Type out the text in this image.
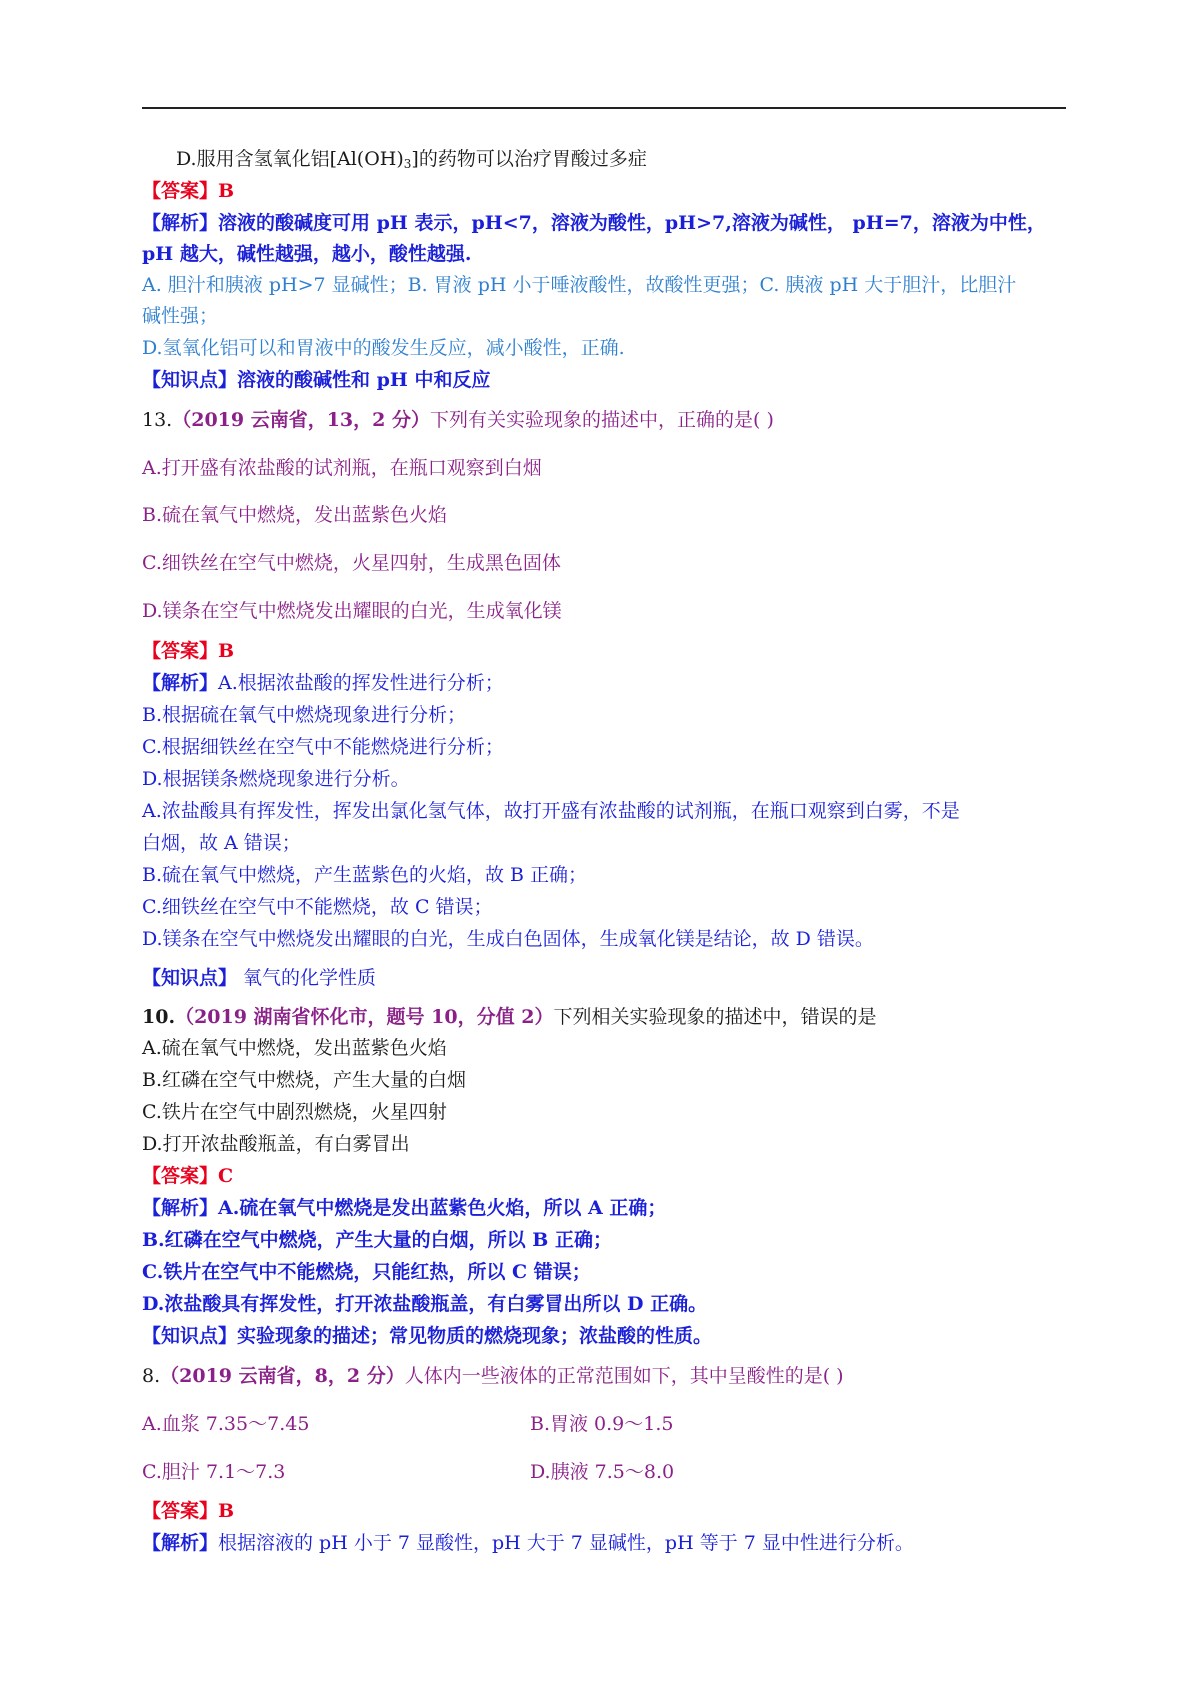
D.服用含氢氧化铝$[Al(OH)_3]$的药物可以治疗胃酸过多症
【答案】B
【解析】溶液的酸碱度可用 pH 表示，pH<7，溶液为酸性，pH>7,溶液为碱性， pH=7，溶液为中性，
pH 越大，碱性越强，越小，酸性越强.
A. 胆汁和胰液 pH>7 显碱性；B. 胃液 pH 小于唾液酸性，故酸性更强；C. 胰液 pH 大于胆汁，比胆汁
碱性强；
D.氢氧化铝可以和胃液中的酸发生反应，减小酸性，正确.
【知识点】溶液的酸碱性和 pH 中和反应
13.（2019 云南省，13，2 分）下列有关实验现象的描述中，正确的是( )
A.打开盛有浓盐酸的试剂瓶，在瓶口观察到白烟
B.硫在氧气中燃烧，发出蓝紫色火焰
C.细铁丝在空气中燃烧，火星四射，生成黑色固体
D.镁条在空气中燃烧发出耀眼的白光，生成氧化镁
【答案】B
【解析】A.根据浓盐酸的挥发性进行分析；
B.根据硫在氧气中燃烧现象进行分析；
C.根据细铁丝在空气中不能燃烧进行分析；
D.根据镁条燃烧现象进行分析。
A.浓盐酸具有挥发性，挥发出氯化氢气体，故打开盛有浓盐酸的试剂瓶，在瓶口观察到白雾，不是
白烟，故 A 错误；
B.硫在氧气中燃烧，产生蓝紫色的火焰，故 B 正确；
C.细铁丝在空气中不能燃烧，故 C 错误；
D.镁条在空气中燃烧发出耀眼的白光，生成白色固体，生成氧化镁是结论，故 D 错误。
【知识点】 氧气的化学性质
10.（2019 湖南省怀化市，题号 10，分值 2）下列相关实验现象的描述中，错误的是
A.硫在氧气中燃烧，发出蓝紫色火焰
B.红磷在空气中燃烧，产生大量的白烟
C.铁片在空气中剧烈燃烧，火星四射
D.打开浓盐酸瓶盖，有白雾冒出
【答案】C
【解析】A.硫在氧气中燃烧是发出蓝紫色火焰，所以 A 正确；
B.红磷在空气中燃烧，产生大量的白烟，所以 B 正确；
C.铁片在空气中不能燃烧，只能红热，所以 C 错误；
D.浓盐酸具有挥发性，打开浓盐酸瓶盖，有白雾冒出所以 D 正确。
【知识点】实验现象的描述；常见物质的燃烧现象；浓盐酸的性质。
8.（2019 云南省，8，2 分）人体内一些液体的正常范围如下，其中呈酸性的是( )
A.血浆 7.35～7.45	B.胃液 0.9～1.5
C.胆汁 7.1～7.3	D.胰液 7.5～8.0
【答案】B
【解析】根据溶液的 pH 小于 7 显酸性，pH 大于 7 显碱性，pH 等于 7 显中性进行分析。
